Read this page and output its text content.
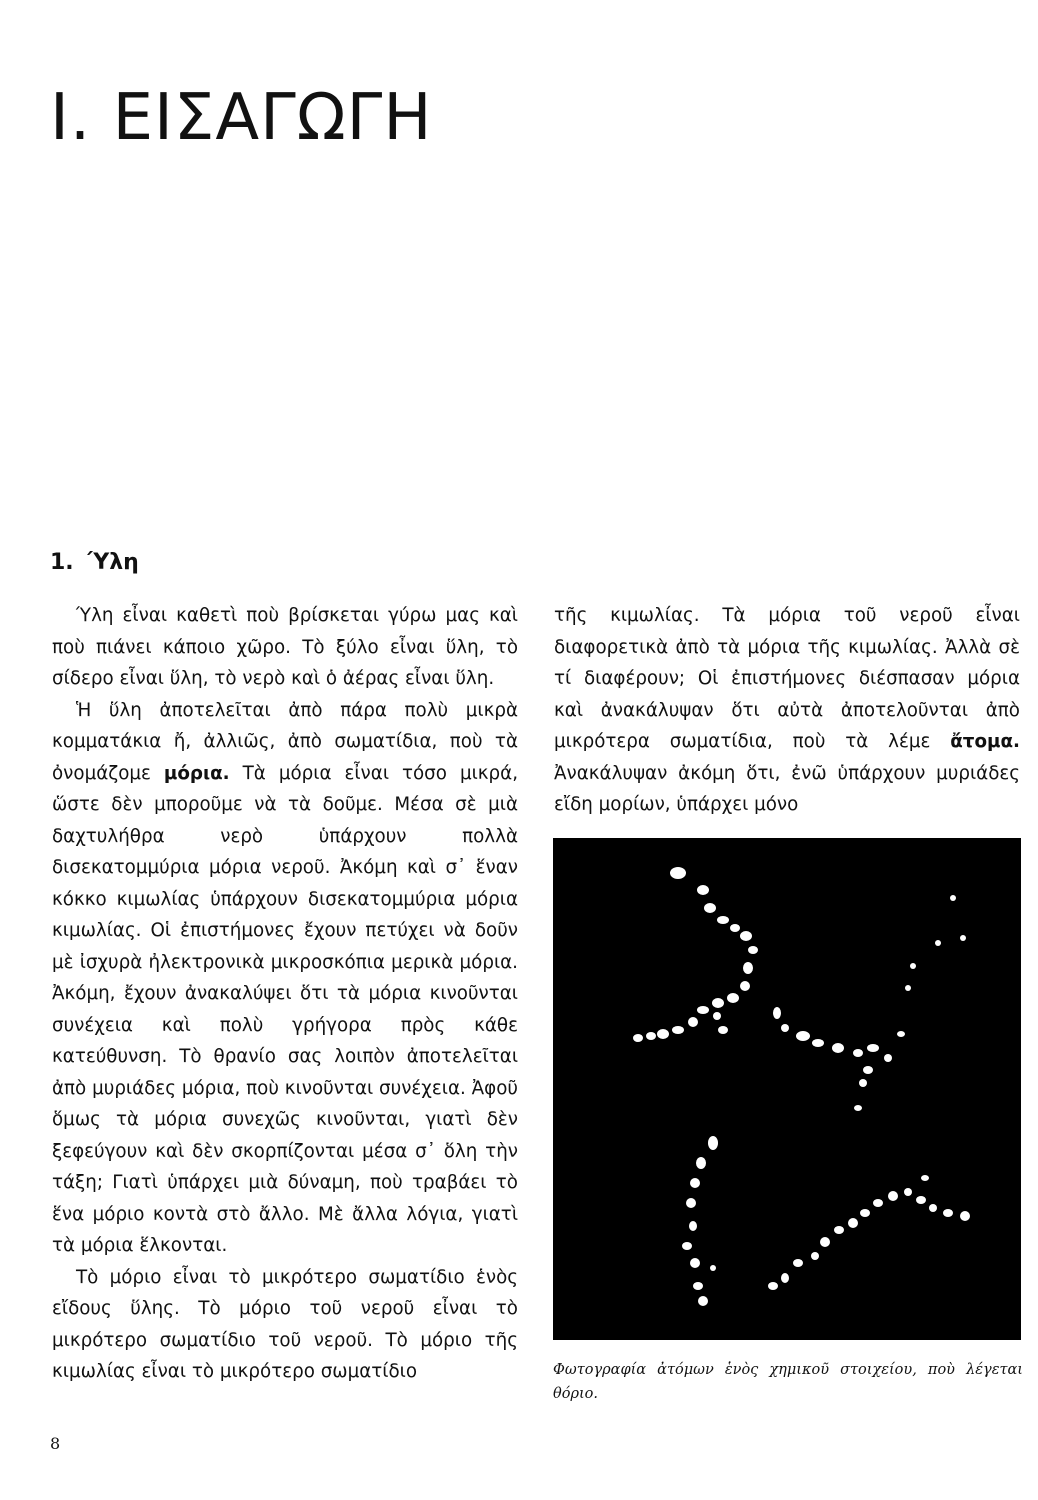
Ι. ΕΙΣΑΓΩΓΗ
1. Ύλη

Ύλη εἶναι καθετὶ ποὺ βρίσκεται γύρω μας καὶ ποὺ πιάνει κάποιο χῶρο. Τὸ ξύλο εἶναι ὕλη, τὸ σίδερο εἶναι ὕλη, τὸ νερὸ καὶ ὁ ἀέρας εἶναι ὕλη.

Ἡ ὕλη ἀποτελεῖται ἀπὸ πάρα πολὺ μικρὰ κομματάκια ἤ, ἀλλιῶς, ἀπὸ σωματίδια, ποὺ τὰ ὀνομάζομε μόρια. Τὰ μόρια εἶναι τόσο μικρά, ὥστε δὲν μποροῦμε νὰ τὰ δοῦμε. Μέσα σὲ μιὰ δαχτυλήθρα νερὸ ὑπάρχουν πολλὰ δισεκατομμύρια μόρια νεροῦ. Ἀκόμη καὶ σ᾿ ἕναν κόκκο κιμωλίας ὑπάρχουν δισεκατομμύρια μόρια κιμωλίας. Οἱ ἐπιστήμονες ἔχουν πετύχει νὰ δοῦν μὲ ἰσχυρὰ ἠλεκτρονικὰ μικροσκόπια μερικὰ μόρια. Ἀκόμη, ἔχουν ἀνακαλύψει ὅτι τὰ μόρια κινοῦνται συνέχεια καὶ πολὺ γρήγορα πρὸς κάθε κατεύθυνση. Τὸ θρανίο σας λοιπὸν ἀποτελεῖται ἀπὸ μυριάδες μόρια, ποὺ κινοῦνται συνέχεια. Ἀφοῦ ὅμως τὰ μόρια συνεχῶς κινοῦνται, γιατὶ δὲν ξεφεύγουν καὶ δὲν σκορπίζονται μέσα σ᾿ ὅλη τὴν τάξη; Γιατὶ ὑπάρχει μιὰ δύναμη, ποὺ τραβάει τὸ ἕνα μόριο κοντὰ στὸ ἄλλο. Μὲ ἄλλα λόγια, γιατὶ τὰ μόρια ἕλκονται.

Τὸ μόριο εἶναι τὸ μικρότερο σωματίδιο ἑνὸς εἴδους ὕλης. Τὸ μόριο τοῦ νεροῦ εἶναι τὸ μικρότερο σωματίδιο τοῦ νεροῦ. Τὸ μόριο τῆς κιμωλίας εἶναι τὸ μικρότερο σωματίδιο

τῆς κιμωλίας. Τὰ μόρια τοῦ νεροῦ εἶναι διαφορετικὰ ἀπὸ τὰ μόρια τῆς κιμωλίας. Ἀλλὰ σὲ τί διαφέρουν; Οἱ ἐπιστήμονες διέσπασαν μόρια καὶ ἀνακάλυψαν ὅτι αὐτὰ ἀποτελοῦνται ἀπὸ μικρότερα σωματίδια, ποὺ τὰ λέμε ἄτομα. Ἀνακάλυψαν ἀκόμη ὅτι, ἐνῶ ὑπάρχουν μυριάδες εἴδη μορίων, ὑπάρχει μόνο

Φωτογραφία ἀτόμων ἑνὸς χημικοῦ στοιχείου, ποὺ λέγεται θόριο.
8
